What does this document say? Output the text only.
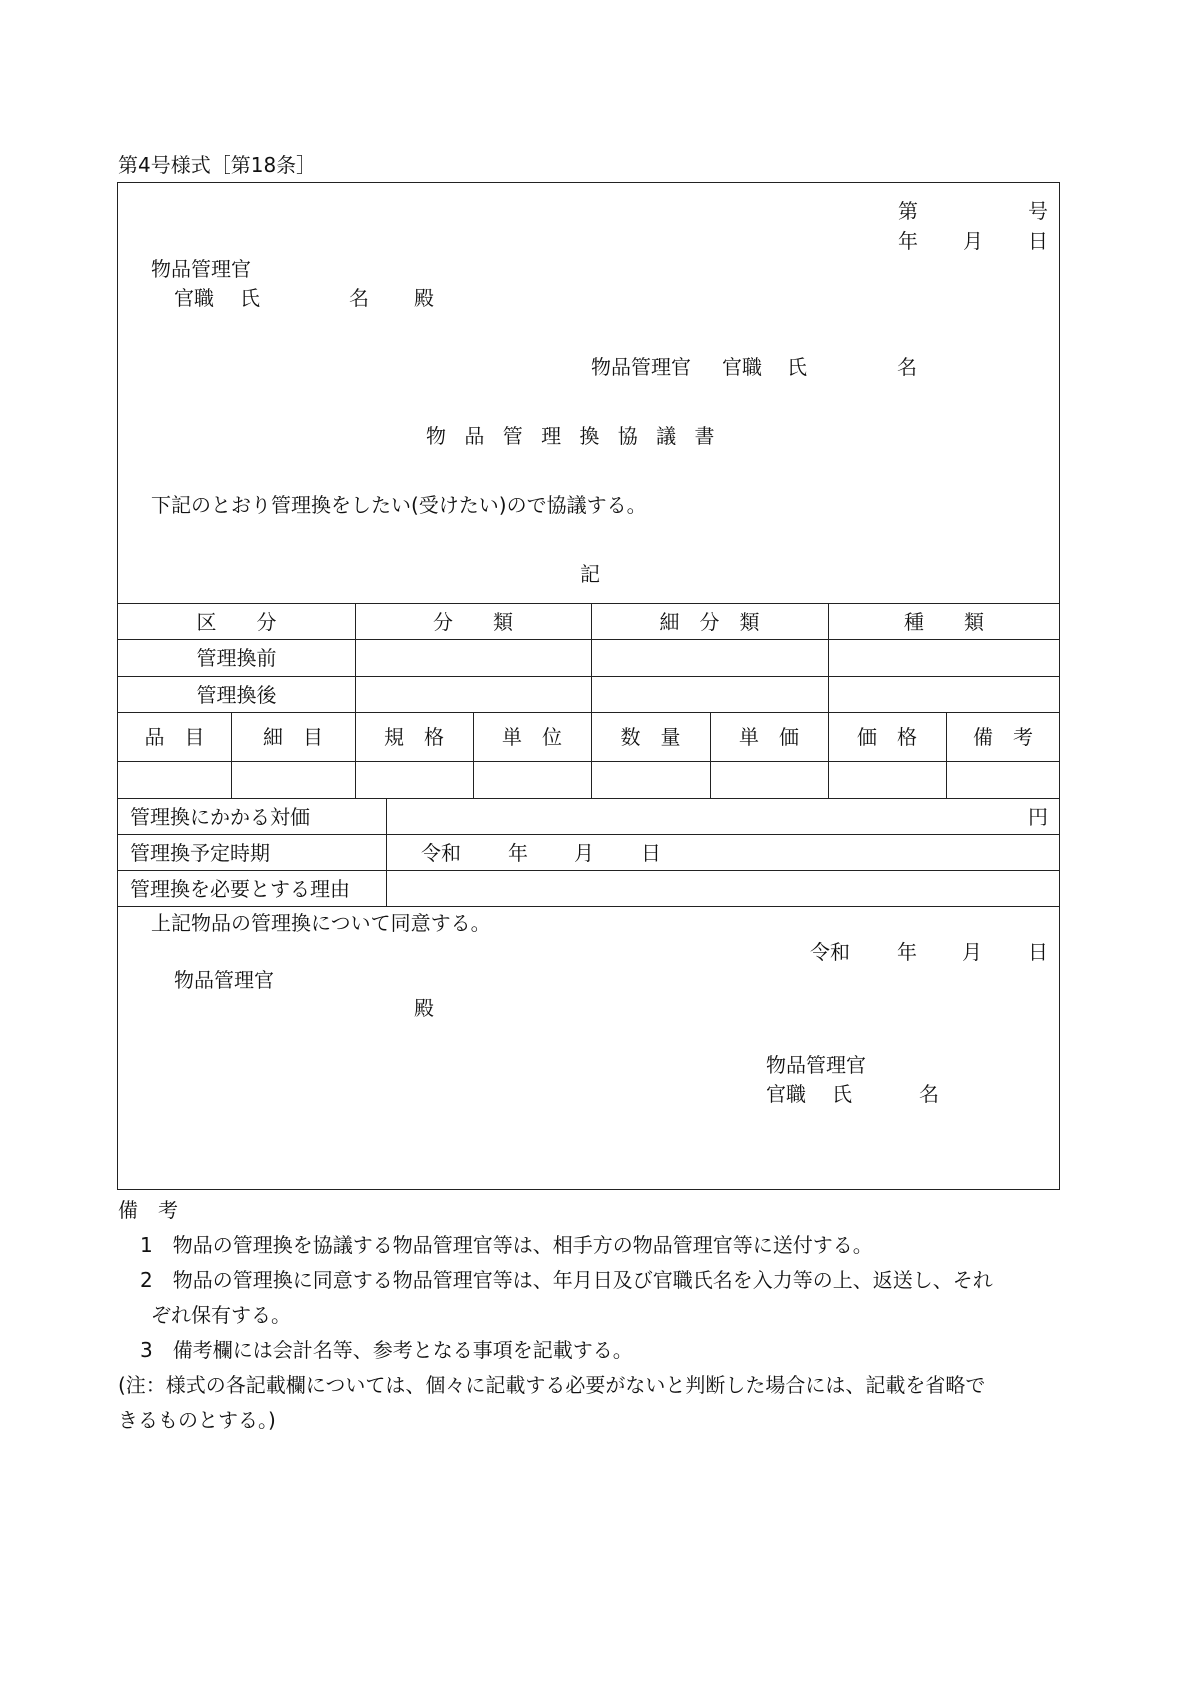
第4号様式［第18条］
第	号
年 月 日
物品管理官
官職 氏	名 殿
物品管理官 官職 氏	名
物 品 管 理 換 協 議 書
下記のとおり管理換をしたい(受けたい)ので協議する。
記
区　　分	分　　類	細　分　類	種　　類
管理換前
管理換後
品　目	細　目	規　格	単　位	数　量	単　価	価　格	備　考
管理換にかかる対価	円
管理換予定時期	令和 年 月 日
管理換を必要とする理由
上記物品の管理換について同意する。
令和 年 月 日
物品管理官
殿
物品管理官
官職 氏	名
備　考
1　物品の管理換を協議する物品管理官等は、相手方の物品管理官等に送付する。
2　物品の管理換に同意する物品管理官等は、年月日及び官職氏名を入力等の上、返送し、それ
ぞれ保有する。
3　備考欄には会計名等、参考となる事項を記載する。
(注：様式の各記載欄については、個々に記載する必要がないと判断した場合には、記載を省略で
きるものとする。)
